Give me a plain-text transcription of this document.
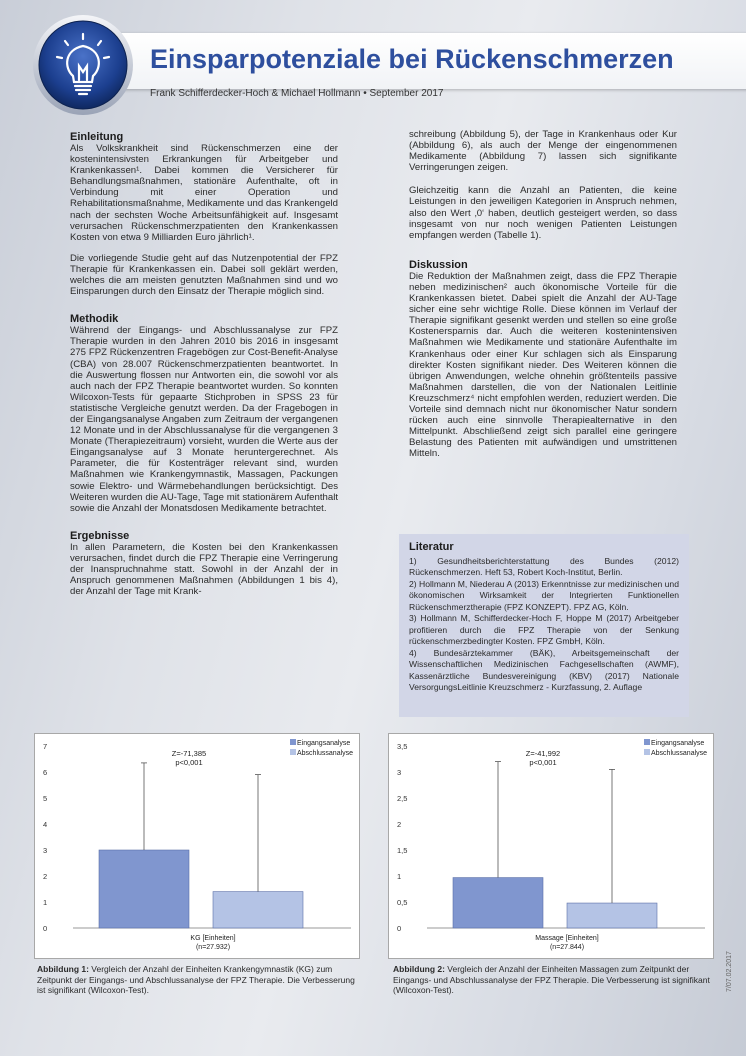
Einsparpotenziale bei Rückenschmerzen
Frank Schifferdecker-Hoch & Michael Hollmann • September 2017
Einleitung

Als Volkskrankheit sind Rückenschmerzen eine der kostenintensivsten Erkrankungen für Arbeitgeber und Krankenkassen¹. Dabei kommen die Versicherer für Behandlungsmaßnahmen, stationäre Aufenthalte, oft in Verbindung mit einer Operation und Rehabilitationsmaßnahme, Medikamente und das Krankengeld nach der sechsten Woche Arbeitsunfähigkeit auf. Insgesamt verursachen Rückenschmerzpatienten den Krankenkassen Kosten von etwa 9 Milliarden Euro jährlich¹.

Die vorliegende Studie geht auf das Nutzenpotential der FPZ Therapie für Krankenkassen ein. Dabei soll geklärt werden, welches die am meisten genutzten Maßnahmen sind und wo Einsparungen durch den Einsatz der Therapie möglich sind.

Methodik

Während der Eingangs- und Abschlussanalyse zur FPZ Therapie wurden in den Jahren 2010 bis 2016 in insgesamt 275 FPZ Rückenzentren Fragebögen zur Cost-Benefit-Analyse (CBA) von 28.007 Rückenschmerzpatienten beantwortet. In die Auswertung flossen nur Antworten ein, die sowohl vor als auch nach der FPZ Therapie beantwortet wurden. So konnten Wilcoxon-Tests für gepaarte Stichproben in SPSS 23 für statistische Vergleiche genutzt werden. Da der Fragebogen in der Eingangsanalyse Angaben zum Zeitraum der vergangenen 12 Monate und in der Abschlussanalyse für die vergangenen 3 Monate (Therapiezeitraum) vorsieht, wurden die Werte aus der Eingangsanalyse auf 3 Monate heruntergerechnet. Als Parameter, die für Kostenträger relevant sind, wurden Maßnahmen wie Krankengymnastik, Massagen, Packungen sowie Elektro- und Wärmebehandlungen berücksichtigt. Des Weiteren wurden die AU-Tage, Tage mit stationärem Aufenthalt sowie die Anzahl der Monatsdosen Medikamente betrachtet.

Ergebnisse

In allen Parametern, die Kosten bei den Krankenkassen verursachen, findet durch die FPZ Therapie eine Verringerung der Inanspruchnahme statt. Sowohl in der Anzahl der in Anspruch genommenen Maßnahmen (Abbildungen 1 bis 4), der Anzahl der Tage mit Krank-

schreibung (Abbildung 5), der Tage in Krankenhaus oder Kur (Abbildung 6), als auch der Menge der eingenommenen Medikamente (Abbildung 7) lassen sich signifikante Verringerungen zeigen.

Gleichzeitig kann die Anzahl an Patienten, die keine Leistungen in den jeweiligen Kategorien in Anspruch nehmen, also den Wert ‚0‘ haben, deutlich gesteigert werden, so dass insgesamt von nur noch wenigen Patienten Leistungen empfangen werden (Tabelle 1).

Diskussion

Die Reduktion der Maßnahmen zeigt, dass die FPZ Therapie neben medizinischen² auch ökonomische Vorteile für die Krankenkassen bietet. Dabei spielt die Anzahl der AU-Tage sicher eine sehr wichtige Rolle. Diese können im Verlauf der Therapie signifikant gesenkt werden und stellen so eine große Kostenersparnis dar. Auch die weiteren kostenintensiven Maßnahmen wie Medikamente und stationäre Aufenthalte im Krankenhaus oder einer Kur schlagen sich als Einsparung direkter Kosten signifikant nieder. Des Weiteren können die übrigen Anwendungen, welche ohnehin größtenteils passive Maßnahmen darstellen, die von der Nationalen Leitlinie Kreuzschmerz⁴ nicht empfohlen werden, reduziert werden. Die Vorteile sind demnach nicht nur ökonomischer Natur sondern rücken auch eine sinnvolle Therapiealternative in den Mittelpunkt. Abschließend zeigt sich parallel eine geringere Belastung des Patienten mit aufwändigen und umstrittenen Mitteln.

Literatur
1) Gesundheitsberichterstattung des Bundes (2012) Rückenschmerzen. Heft 53, Robert Koch-Institut, Berlin.
2) Hollmann M, Niederau A (2013) Erkenntnisse zur medizinischen und ökonomischen Wirksamkeit der Integrierten Funktionellen Rückenschmerztherapie (FPZ KONZEPT). FPZ AG, Köln.
3) Hollmann M, Schifferdecker-Hoch F, Hoppe M (2017) Arbeitgeber profitieren durch die FPZ Therapie von der Senkung rückenschmerzbedingter Kosten. FPZ GmbH, Köln.
4) Bundesärztekammer (BÄK), Arbeitsgemeinschaft der Wissenschaftlichen Medizinischen Fachgesellschaften (AWMF), Kassenärztliche Bundesvereinigung (KBV) (2017) Nationale VersorgungsLeitlinie Kreuzschmerz - Kurzfassung, 2. Auflage
0
1
2
3
4
5
6
7
Z=-71,385
p<0,001
Eingangsanalyse
Abschlussanalyse
KG [Einheiten]
(n=27.932)
0
0,5
1
1,5
2
2,5
3
3,5
Z=-41,992
p<0,001
Eingangsanalyse
Abschlussanalyse
Massage [Einheiten]
(n=27.844)
Abbildung 1: Vergleich der Anzahl der Einheiten Krankengymnastik (KG) zum Zeitpunkt der Eingangs- und Abschlussanalyse der FPZ Therapie. Die Verbesserung ist signifikant (Wilcoxon-Test).
Abbildung 2: Vergleich der Anzahl der Einheiten Massagen zum Zeitpunkt der Eingangs- und Abschlussanalyse der FPZ Therapie. Die Verbesserung ist signifikant (Wilcoxon-Test).	7/07.02.2017
